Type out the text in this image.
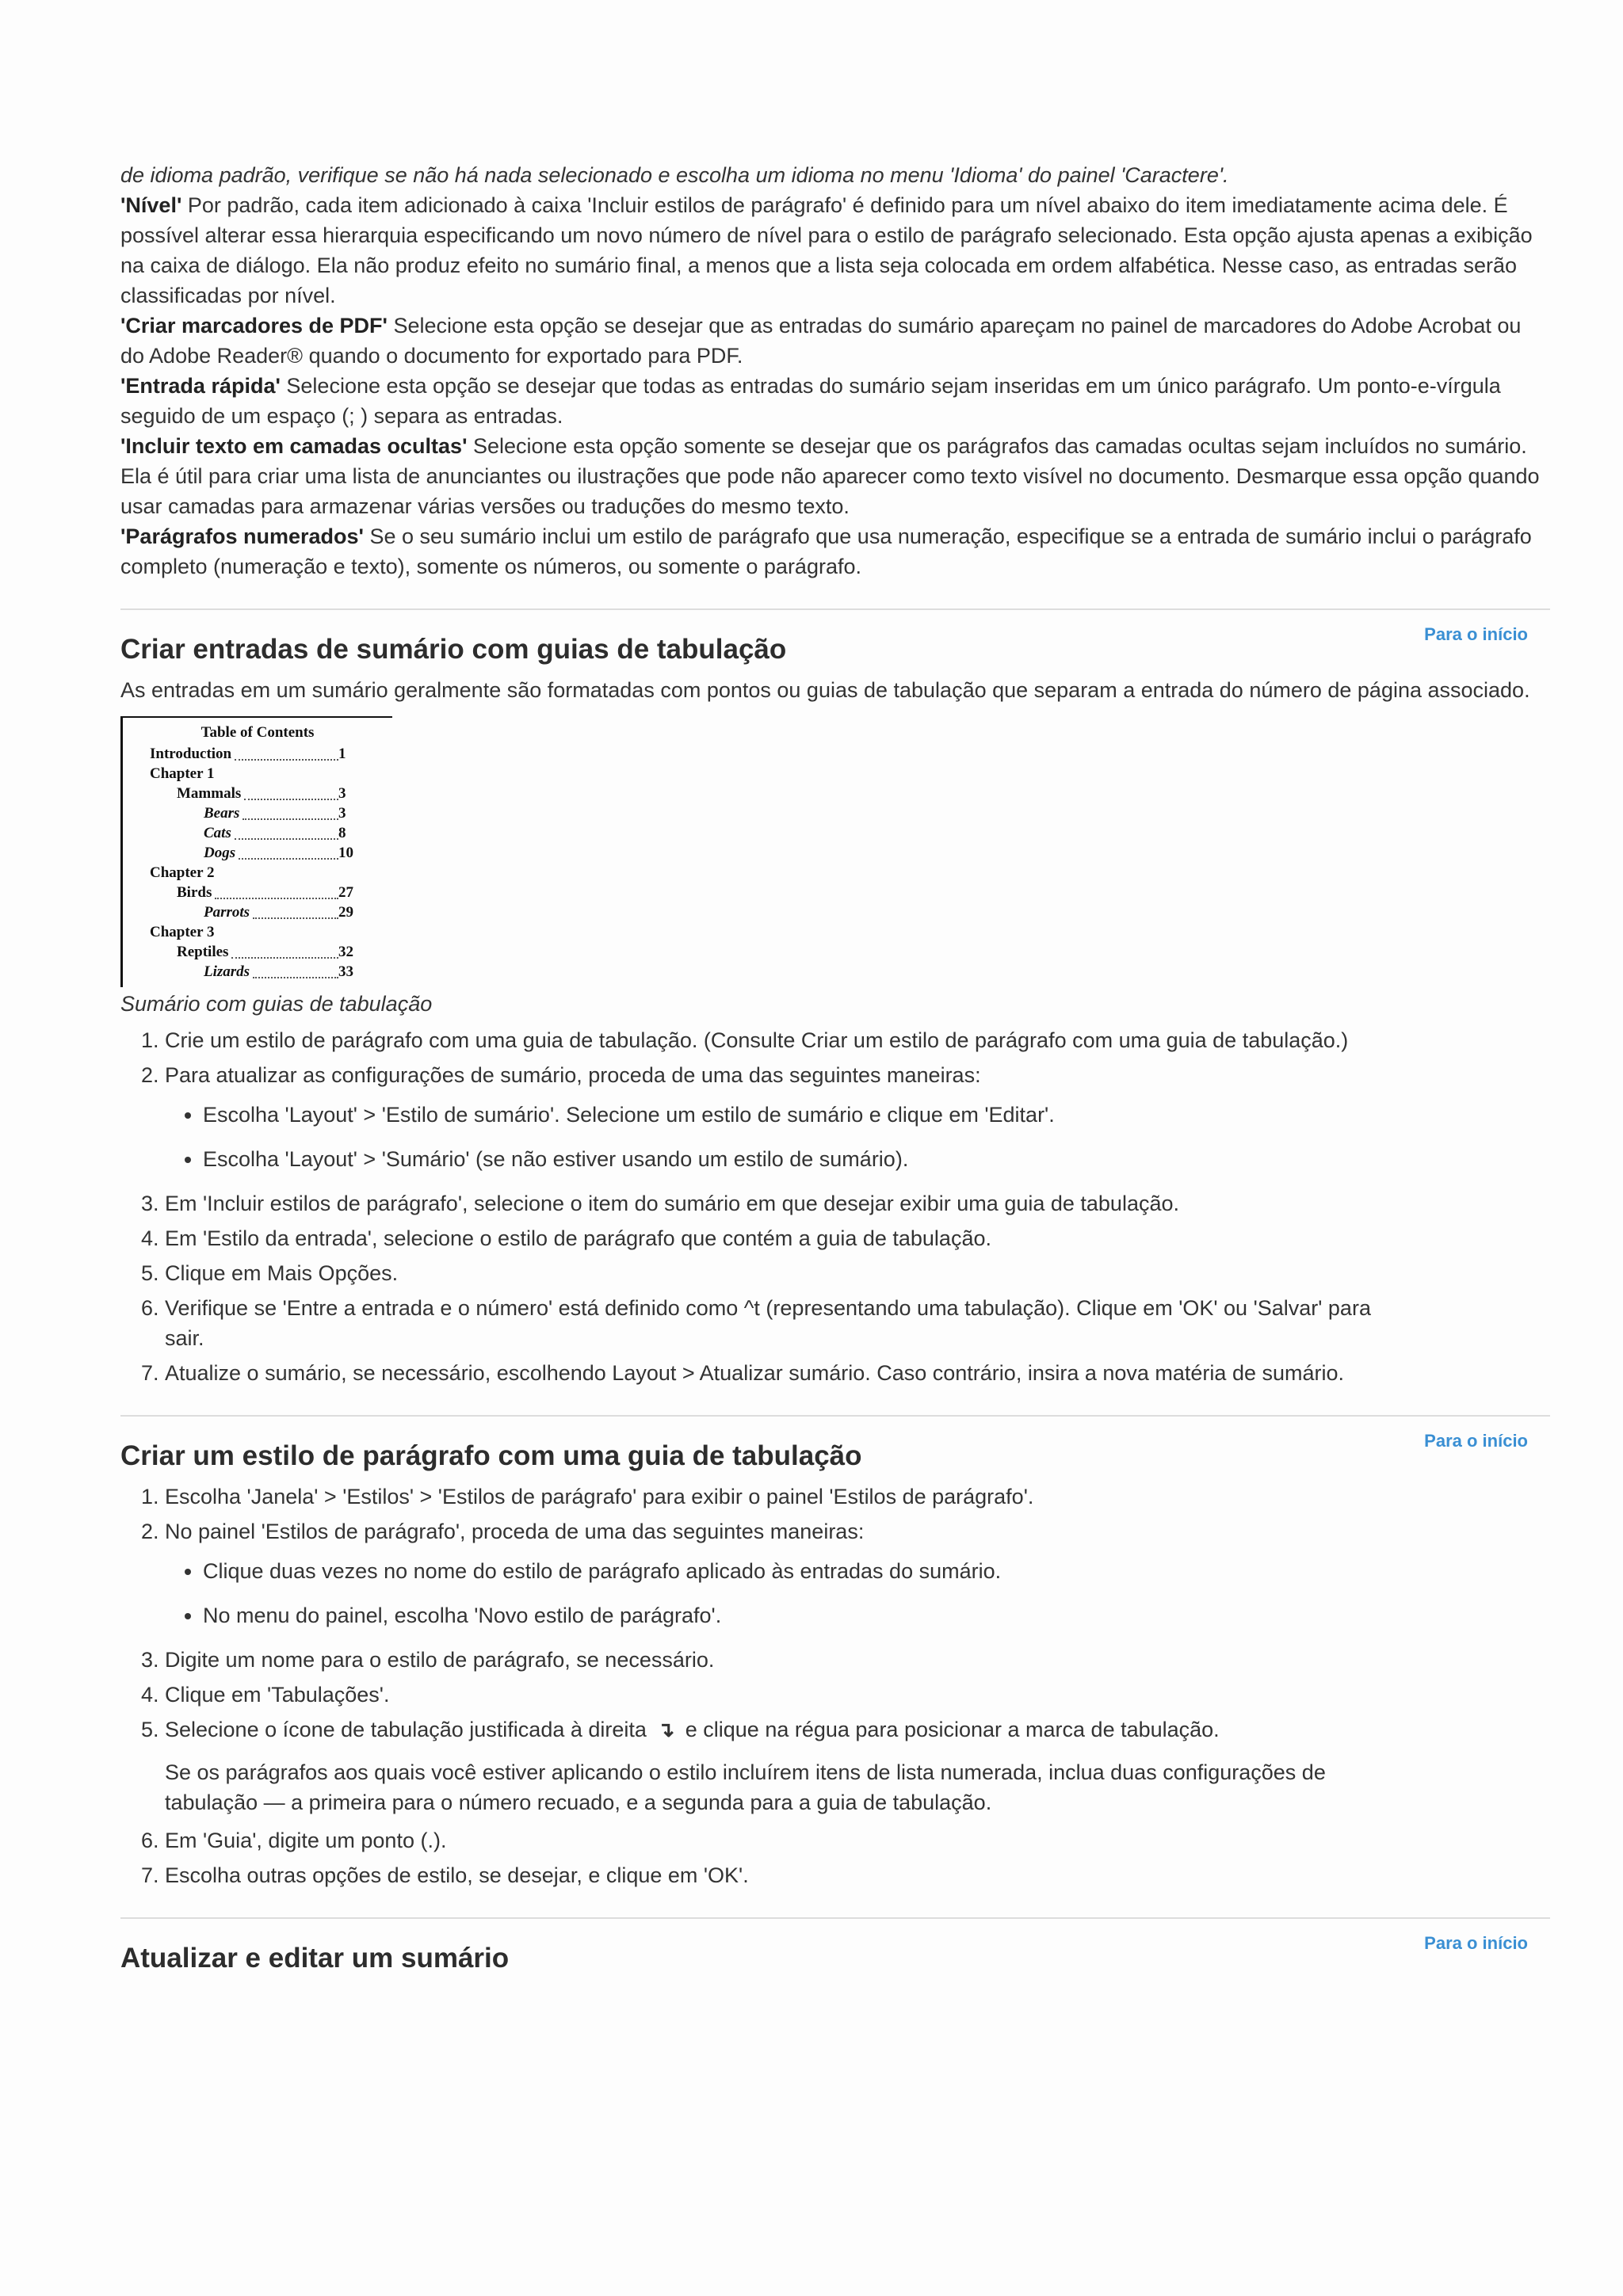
de idioma padrão, verifique se não há nada selecionado e escolha um idioma no menu 'Idioma' do painel 'Caractere'.

'Nível' Por padrão, cada item adicionado à caixa 'Incluir estilos de parágrafo' é definido para um nível abaixo do item imediatamente acima dele. É possível alterar essa hierarquia especificando um novo número de nível para o estilo de parágrafo selecionado. Esta opção ajusta apenas a exibição na caixa de diálogo. Ela não produz efeito no sumário final, a menos que a lista seja colocada em ordem alfabética. Nesse caso, as entradas serão classificadas por nível.

'Criar marcadores de PDF' Selecione esta opção se desejar que as entradas do sumário apareçam no painel de marcadores do Adobe Acrobat ou do Adobe Reader® quando o documento for exportado para PDF.

'Entrada rápida' Selecione esta opção se desejar que todas as entradas do sumário sejam inseridas em um único parágrafo. Um ponto-e-vírgula seguido de um espaço (; ) separa as entradas.

'Incluir texto em camadas ocultas' Selecione esta opção somente se desejar que os parágrafos das camadas ocultas sejam incluídos no sumário. Ela é útil para criar uma lista de anunciantes ou ilustrações que pode não aparecer como texto visível no documento. Desmarque essa opção quando usar camadas para armazenar várias versões ou traduções do mesmo texto.

'Parágrafos numerados' Se o seu sumário inclui um estilo de parágrafo que usa numeração, especifique se a entrada de sumário inclui o parágrafo completo (numeração e texto), somente os números, ou somente o parágrafo.

Para o início
Criar entradas de sumário com guias de tabulação

As entradas em um sumário geralmente são formatadas com pontos ou guias de tabulação que separam a entrada do número de página associado.

Table of Contents
Introduction	1
Chapter 1
Mammals	3
Bears	3
Cats	8
Dogs	10
Chapter 2
Birds	27
Parrots	29
Chapter 3
Reptiles	32
Lizards	33

Sumário com guias de tabulação

1. Crie um estilo de parágrafo com uma guia de tabulação. (Consulte Criar um estilo de parágrafo com uma guia de tabulação.)
2. Para atualizar as configurações de sumário, proceda de uma das seguintes maneiras:
• Escolha 'Layout' > 'Estilo de sumário'. Selecione um estilo de sumário e clique em 'Editar'.
• Escolha 'Layout' > 'Sumário' (se não estiver usando um estilo de sumário).
3. Em 'Incluir estilos de parágrafo', selecione o item do sumário em que desejar exibir uma guia de tabulação.
4. Em 'Estilo da entrada', selecione o estilo de parágrafo que contém a guia de tabulação.
5. Clique em Mais Opções.
6. Verifique se 'Entre a entrada e o número' está definido como ^t (representando uma tabulação). Clique em 'OK' ou 'Salvar' para sair.
7. Atualize o sumário, se necessário, escolhendo Layout > Atualizar sumário. Caso contrário, insira a nova matéria de sumário.
Para o início
Criar um estilo de parágrafo com uma guia de tabulação
1. Escolha 'Janela' > 'Estilos' > 'Estilos de parágrafo' para exibir o painel 'Estilos de parágrafo'.
2. No painel 'Estilos de parágrafo', proceda de uma das seguintes maneiras:
• Clique duas vezes no nome do estilo de parágrafo aplicado às entradas do sumário.
• No menu do painel, escolha 'Novo estilo de parágrafo'.
3. Digite um nome para o estilo de parágrafo, se necessário.
4. Clique em 'Tabulações'.
5. Selecione o ícone de tabulação justificada à direita ↴ e clique na régua para posicionar a marca de tabulação.

Se os parágrafos aos quais você estiver aplicando o estilo incluírem itens de lista numerada, inclua duas configurações de tabulação — a primeira para o número recuado, e a segunda para a guia de tabulação.

6. Em 'Guia', digite um ponto (.).
7. Escolha outras opções de estilo, se desejar, e clique em 'OK'.
Para o início
Atualizar e editar um sumário
